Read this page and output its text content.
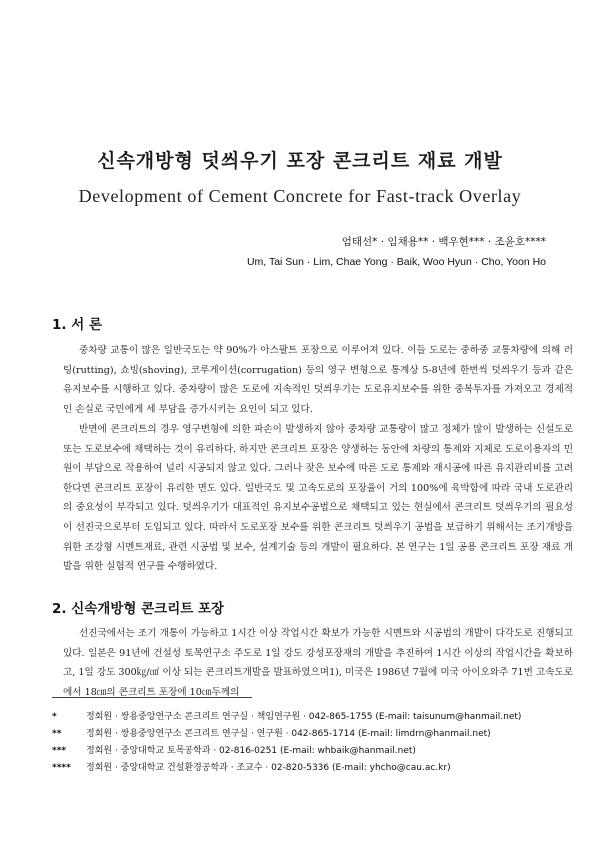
신속개방형 덧씌우기 포장 콘크리트 재료 개발
Development of Cement Concrete for Fast-track Overlay
엄태선* · 임채용** · 백우현*** · 조윤호****
Um, Tai Sun · Lim, Chae Yong · Baik, Woo Hyun · Cho, Yoon Ho
1. 서 론

중차량 교통이 많은 일반국도는 약 90%가 아스팔트 포장으로 이루어져 있다. 이들 도로는 중하중 교통차량에 의해 러팅(rutting), 쇼빙(shoving), 코루게이션(corrugation) 등의 영구 변형으로 통계상 5-8년에 한번씩 덧씌우기 등과 같은 유지보수를 시행하고 있다. 중차량이 많은 도로에 지속적인 덧씌우기는 도로유지보수를 위한 중복투자를 가져오고 경제적인 손실로 국민에게 세 부담을 증가시키는 요인이 되고 있다.

반면에 콘크리트의 경우 영구변형에 의한 파손이 발생하지 않아 중차량 교통량이 많고 정체가 많이 발생하는 신설도로 또는 도로보수에 채택하는 것이 유리하다. 하지만 콘크리트 포장은 양생하는 동안에 차량의 통제와 지체로 도로이용자의 민원이 부담으로 작용하여 널리 시공되지 않고 있다. 그러나 잦은 보수에 따른 도로 통제와 재시공에 따른 유지관리비를 고려한다면 콘크리트 포장이 유리한 면도 있다. 일반국도 및 고속도로의 포장율이 거의 100%에 육박함에 따라 국내 도로관리의 중요성이 부각되고 있다. 덧씌우기가 대표적인 유지보수공법으로 채택되고 있는 현실에서 콘크리트 덧씌우기의 필요성이 선진국으로부터 도입되고 있다. 따라서 도로포장 보수를 위한 콘크리트 덧씌우기 공법을 보급하기 위해서는 조기개방을 위한 조강형 시멘트재료, 관련 시공법 및 보수, 설계기술 등의 개발이 필요하다. 본 연구는 1일 공용 콘크리트 포장 재료 개발을 위한 실험적 연구를 수행하였다.

2. 신속개방형 콘크리트 포장

선진국에서는 조기 개통이 가능하고 1시간 이상 작업시간 확보가 가능한 시멘트와 시공법의 개발이 다각도로 진행되고 있다. 일본은 91년에 건설성 토목연구소 주도로 1일 강도 강성포장재의 개발을 추진하여 1시간 이상의 작업시간을 확보하고, 1일 강도 300㎏/㎠ 이상 되는 콘크리트개발을 발표하였으며1), 미국은 1986년 7월에 미국 아이오와주 71번 고속도로에서 18㎝의 콘크리트 포장에 10㎝두께의

*	정회원 · 쌍용중앙연구소 콘크리트 연구실 · 책임연구원 · 042-865-1755 (E-mail: taisunum@hanmail.net)
**	정회원 · 쌍용중앙연구소 콘크리트 연구실 · 연구원 · 042-865-1714 (E-mail: limdrn@hanmail.net)
***	정회원 · 중앙대학교 토목공학과 · 02-816-0251 (E-mail: whbaik@hanmail.net)
****	정회원 · 중앙대학교 건설환경공학과 · 조교수 · 02-820-5336 (E-mail: yhcho@cau.ac.kr)
